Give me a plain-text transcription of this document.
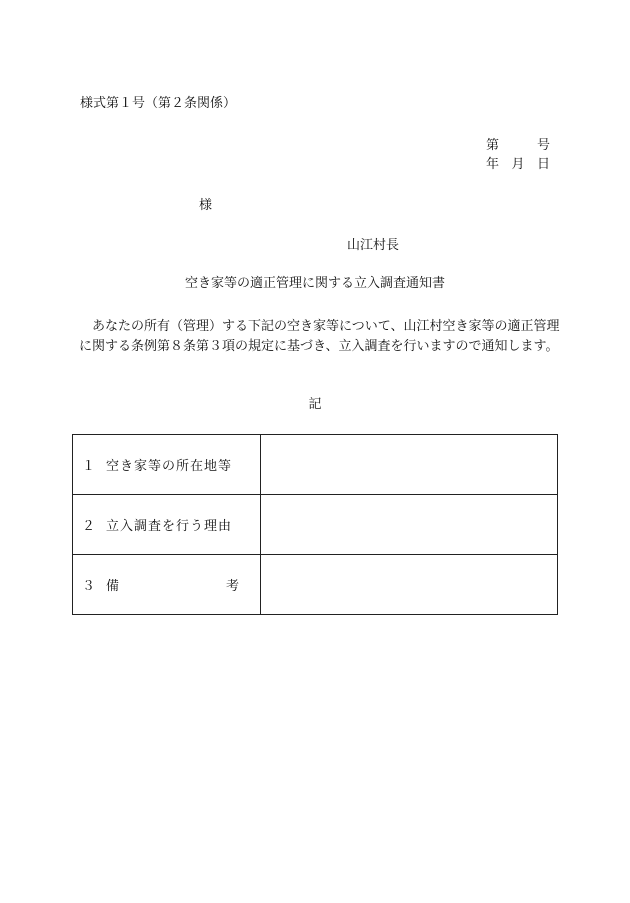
様式第１号（第２条関係）
第	号
年 月 日
様
山江村長
空き家等の適正管理に関する立入調査通知書
あなたの所有（管理）する下記の空き家等について、山江村空き家等の適正管理に関する条例第８条第３項の規定に基づき、立入調査を行いますので通知します。
記
１ 空き家等の所在地等	

２ 立入調査を行う理由	

３ 備 考	
